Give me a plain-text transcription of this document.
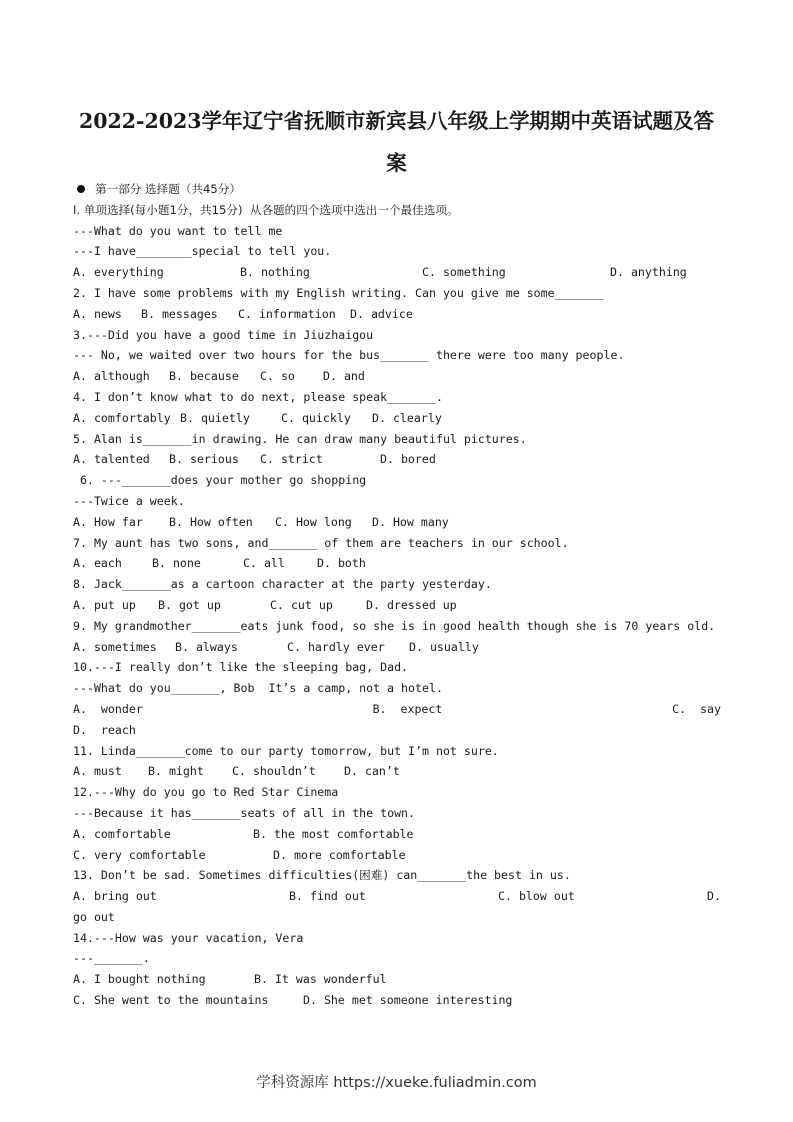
2022-2023学年辽宁省抚顺市新宾县八年级上学期期中英语试题及答
案
第一部分 选择题（共45分）
Ⅰ. 单项选择(每小题1分，共15分)  从各题的四个选项中选出一个最佳选项。
---What do you want to tell me
---I have________special to tell you.
A. everything	B. nothing	C. something	D. anything
2. I have some problems with my English writing. Can you give me some_______
A. news B. messages C. information D. advice
3.---Did you have a good time in Jiuzhaigou
--- No, we waited over two hours for the bus_______ there were too many people.
A. although B. because C. so D. and
4. I don’t know what to do next, please speak_______.
A. comfortably B. quietly	C. quickly D. clearly
5. Alan is_______in drawing. He can draw many beautiful pictures.
A. talented B. serious C. strict	D. bored
6. ---_______does your mother go shopping
---Twice a week.
A. How far B. How often C. How long D. How many
7. My aunt has two sons, and_______ of them are teachers in our school.
A. each	B. none	C. all	D. both
8. Jack_______as a cartoon character at the party yesterday.
A. put up B. got up	C. cut up	D. dressed up
9. My grandmother_______eats junk food, so she is in good health though she is 70 years old.
A. sometimes B. always	C. hardly ever D. usually
10.---I really don’t like the sleeping bag, Dad.
---What do you_______, Bob  It’s a camp, not a hotel.
A.  wonder	B.  expect	C.  say
D.  reach
11. Linda_______come to our party tomorrow, but I’m not sure.
A. must B. might C. shouldn’t D. can’t
12.---Why do you go to Red Star Cinema
---Because it has_______seats of all in the town.
A. comfortable	B. the most comfortable
C. very comfortable	D. more comfortable
13. Don’t be sad. Sometimes difficulties(困难) can_______the best in us.
A. bring out	B. find out	C. blow out	D.
go out
14.---How was your vacation, Vera
---_______.
A. I bought nothing	B. It was wonderful
C. She went to the mountains	D. She met someone interesting

学科资源库 https://xueke.fuliadmin.com
